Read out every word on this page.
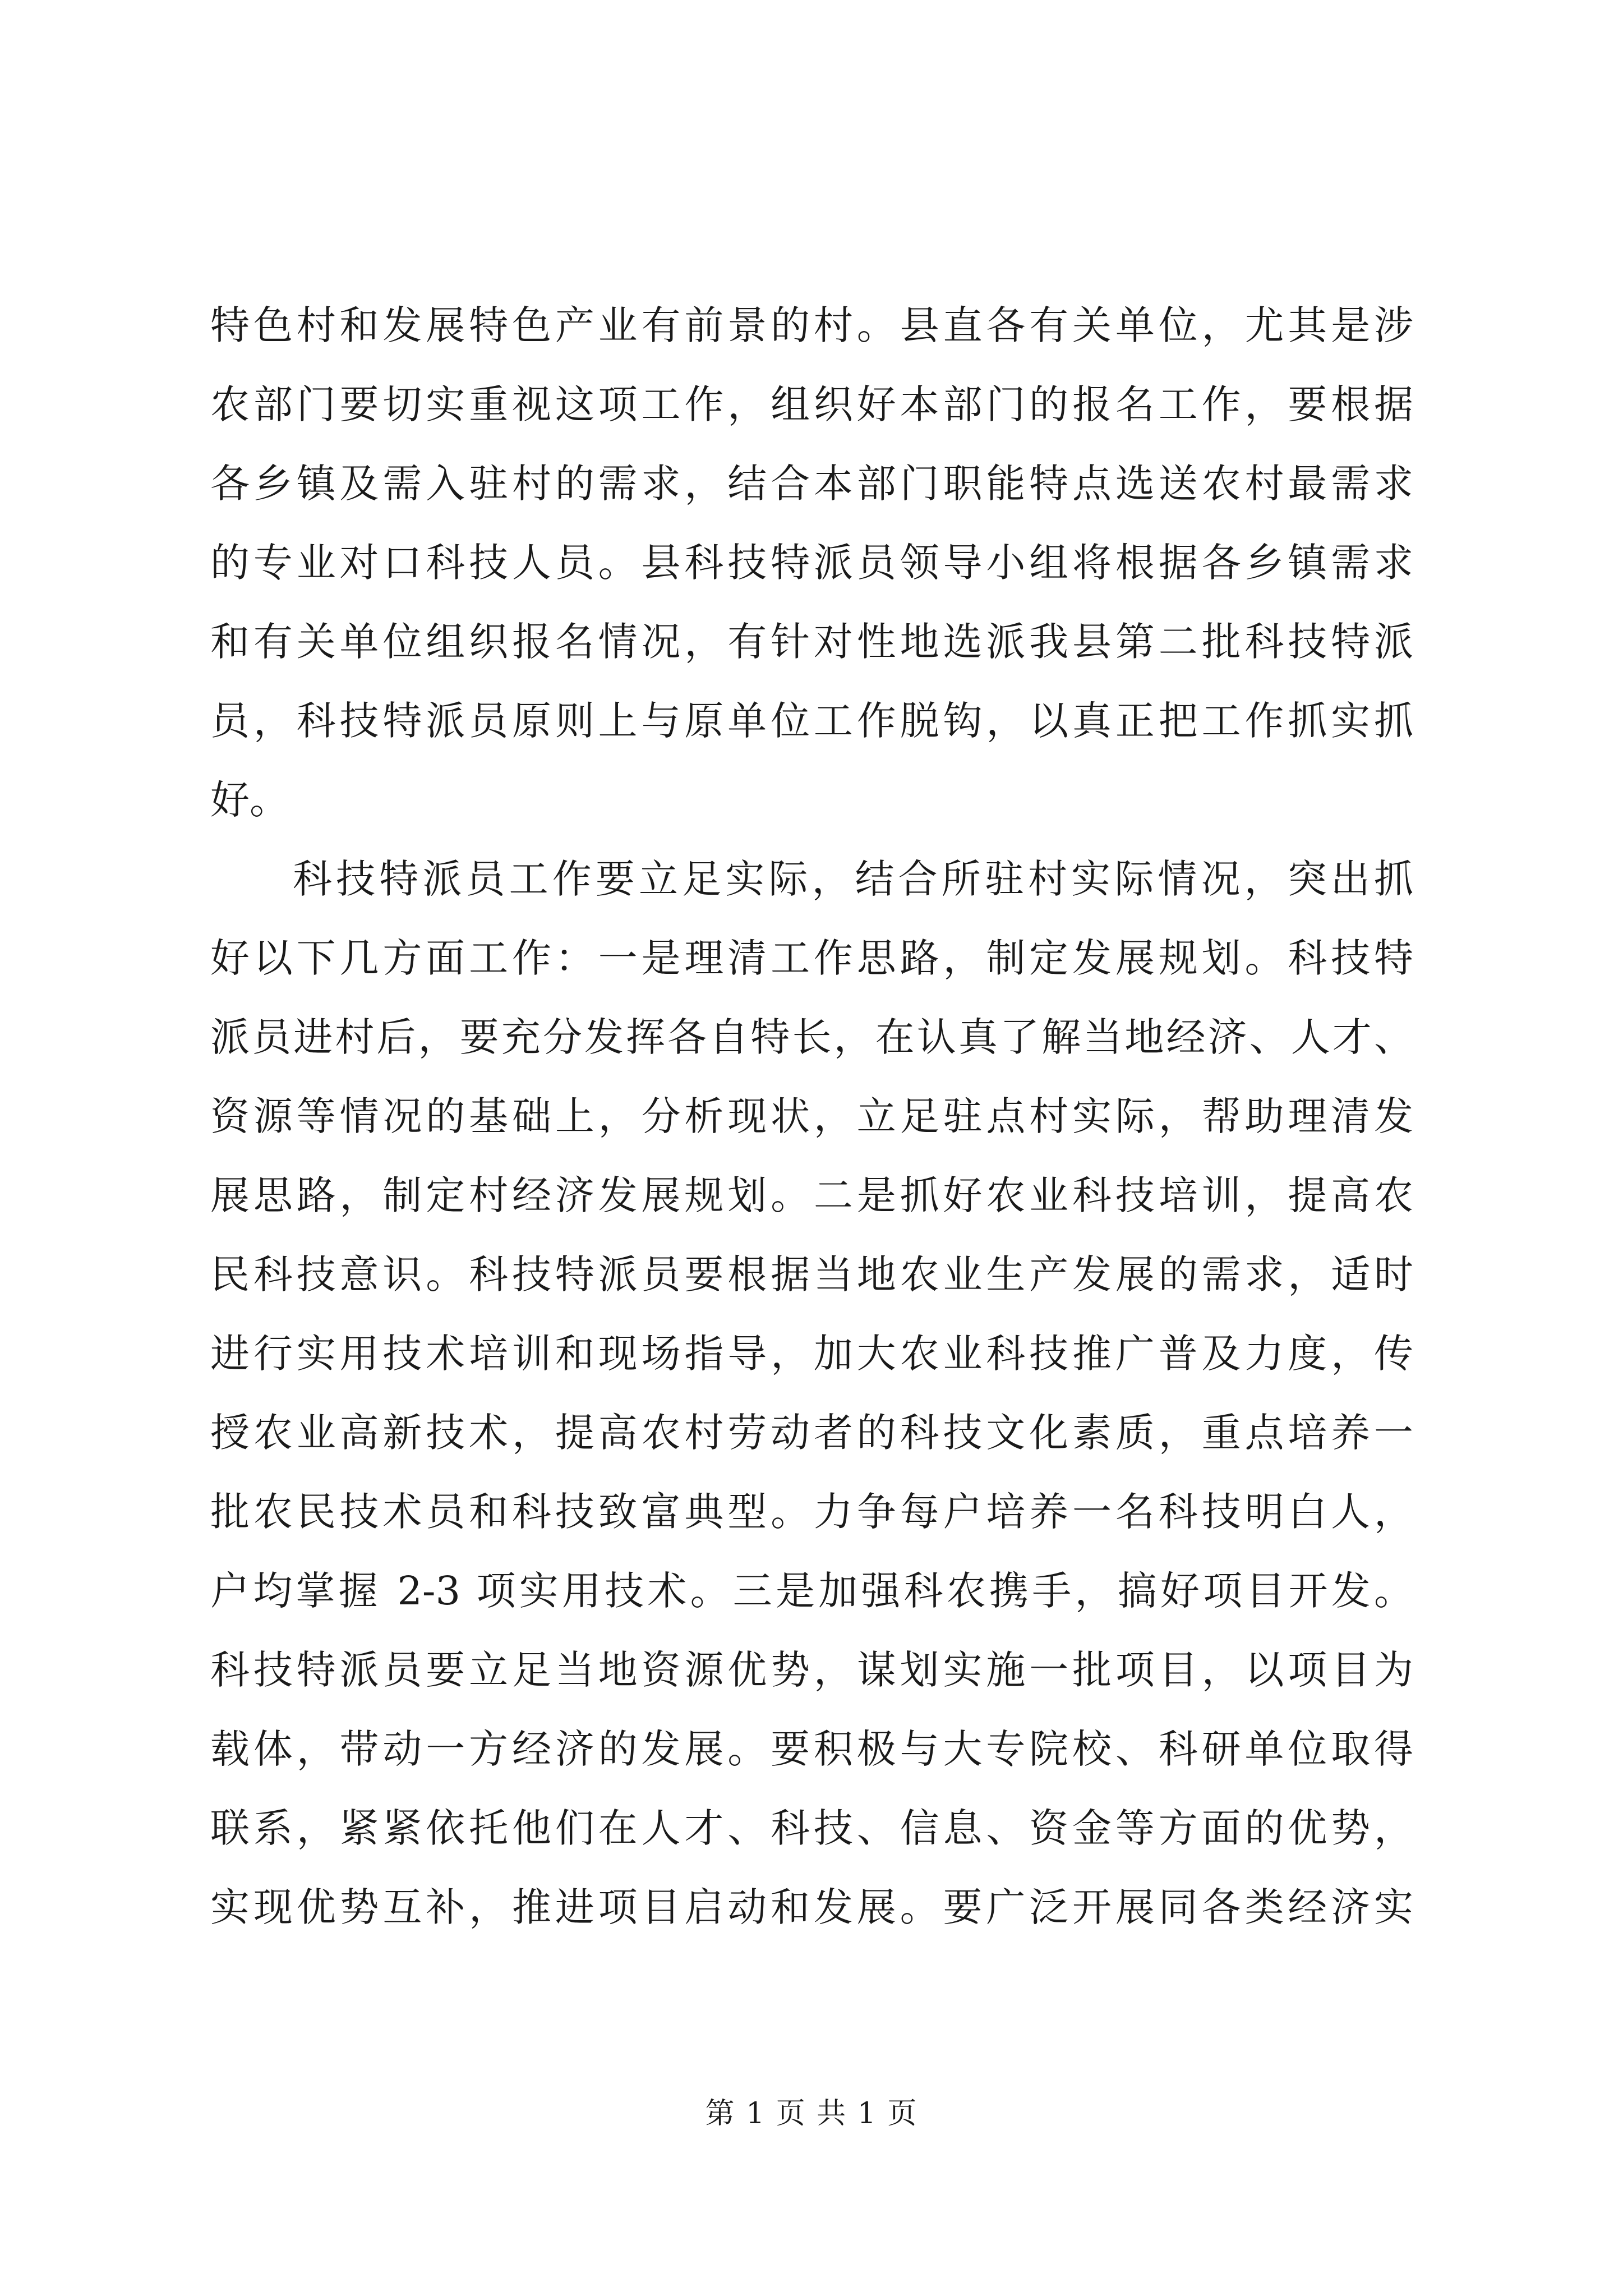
特色村和发展特色产业有前景的村。县直各有关单位，尤其是涉
农部门要切实重视这项工作，组织好本部门的报名工作，要根据
各乡镇及需入驻村的需求，结合本部门职能特点选送农村最需求
的专业对口科技人员。县科技特派员领导小组将根据各乡镇需求
和有关单位组织报名情况，有针对性地选派我县第二批科技特派
员，科技特派员原则上与原单位工作脱钩，以真正把工作抓实抓
好。
科技特派员工作要立足实际，结合所驻村实际情况，突出抓
好以下几方面工作：一是理清工作思路，制定发展规划。科技特
派员进村后，要充分发挥各自特长，在认真了解当地经济、人才、
资源等情况的基础上，分析现状，立足驻点村实际，帮助理清发
展思路，制定村经济发展规划。二是抓好农业科技培训，提高农
民科技意识。科技特派员要根据当地农业生产发展的需求，适时
进行实用技术培训和现场指导，加大农业科技推广普及力度，传
授农业高新技术，提高农村劳动者的科技文化素质，重点培养一
批农民技术员和科技致富典型。力争每户培养一名科技明白人，
户均掌握 2-3 项实用技术。三是加强科农携手，搞好项目开发。
科技特派员要立足当地资源优势，谋划实施一批项目，以项目为
载体，带动一方经济的发展。要积极与大专院校、科研单位取得
联系，紧紧依托他们在人才、科技、信息、资金等方面的优势，
实现优势互补，推进项目启动和发展。要广泛开展同各类经济实
第 1 页 共 1 页
